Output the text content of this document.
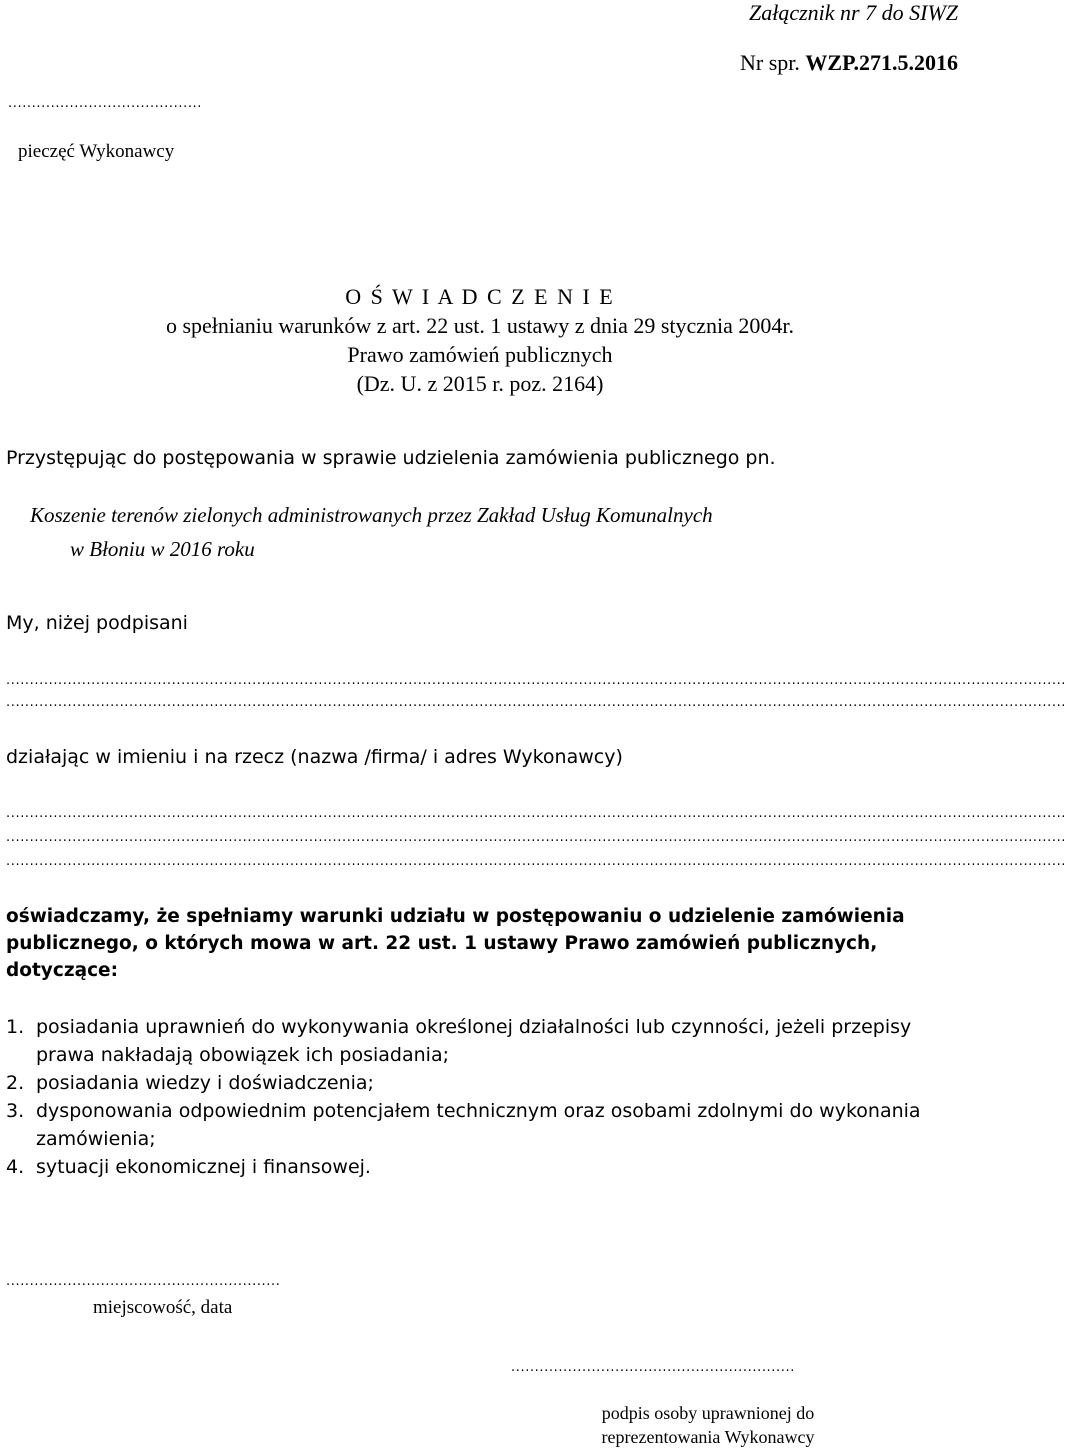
Załącznik nr 7 do SIWZ
Nr spr. WZP.271.5.2016
.........................................
pieczęć Wykonawcy
O Ś W I A D C Z E N I E
o spełnianiu warunków z art. 22 ust. 1 ustawy z dnia 29 stycznia 2004r.
Prawo zamówień publicznych
(Dz. U. z 2015 r. poz. 2164)
Przystępując do postępowania w sprawie udzielenia zamówienia publicznego pn.
Koszenie terenów zielonych administrowanych przez Zakład Usług Komunalnych
w Błoniu w 2016 roku
My, niżej podpisani
................................................................................................................................................................................................................................
................................................................................................................................................................................................................................
działając w imieniu i na rzecz (nazwa /firma/ i adres Wykonawcy)
................................................................................................................................................................................................................................
................................................................................................................................................................................................................................
................................................................................................................................................................................................................................
oświadczamy, że spełniamy warunki udziału w postępowaniu o udzielenie zamówienia publicznego, o których mowa w art. 22 ust. 1 ustawy Prawo zamówień publicznych, dotyczące:
1. posiadania uprawnień do wykonywania określonej działalności lub czynności, jeżeli przepisy prawa nakładają obowiązek ich posiadania;
2. posiadania wiedzy i doświadczenia;
3. dysponowania odpowiednim potencjałem technicznym oraz osobami zdolnymi do wykonania zamówienia;
4. sytuacji ekonomicznej i finansowej.
..........................................................
miejscowość, data
............................................................
podpis osoby uprawnionej do
reprezentowania Wykonawcy
